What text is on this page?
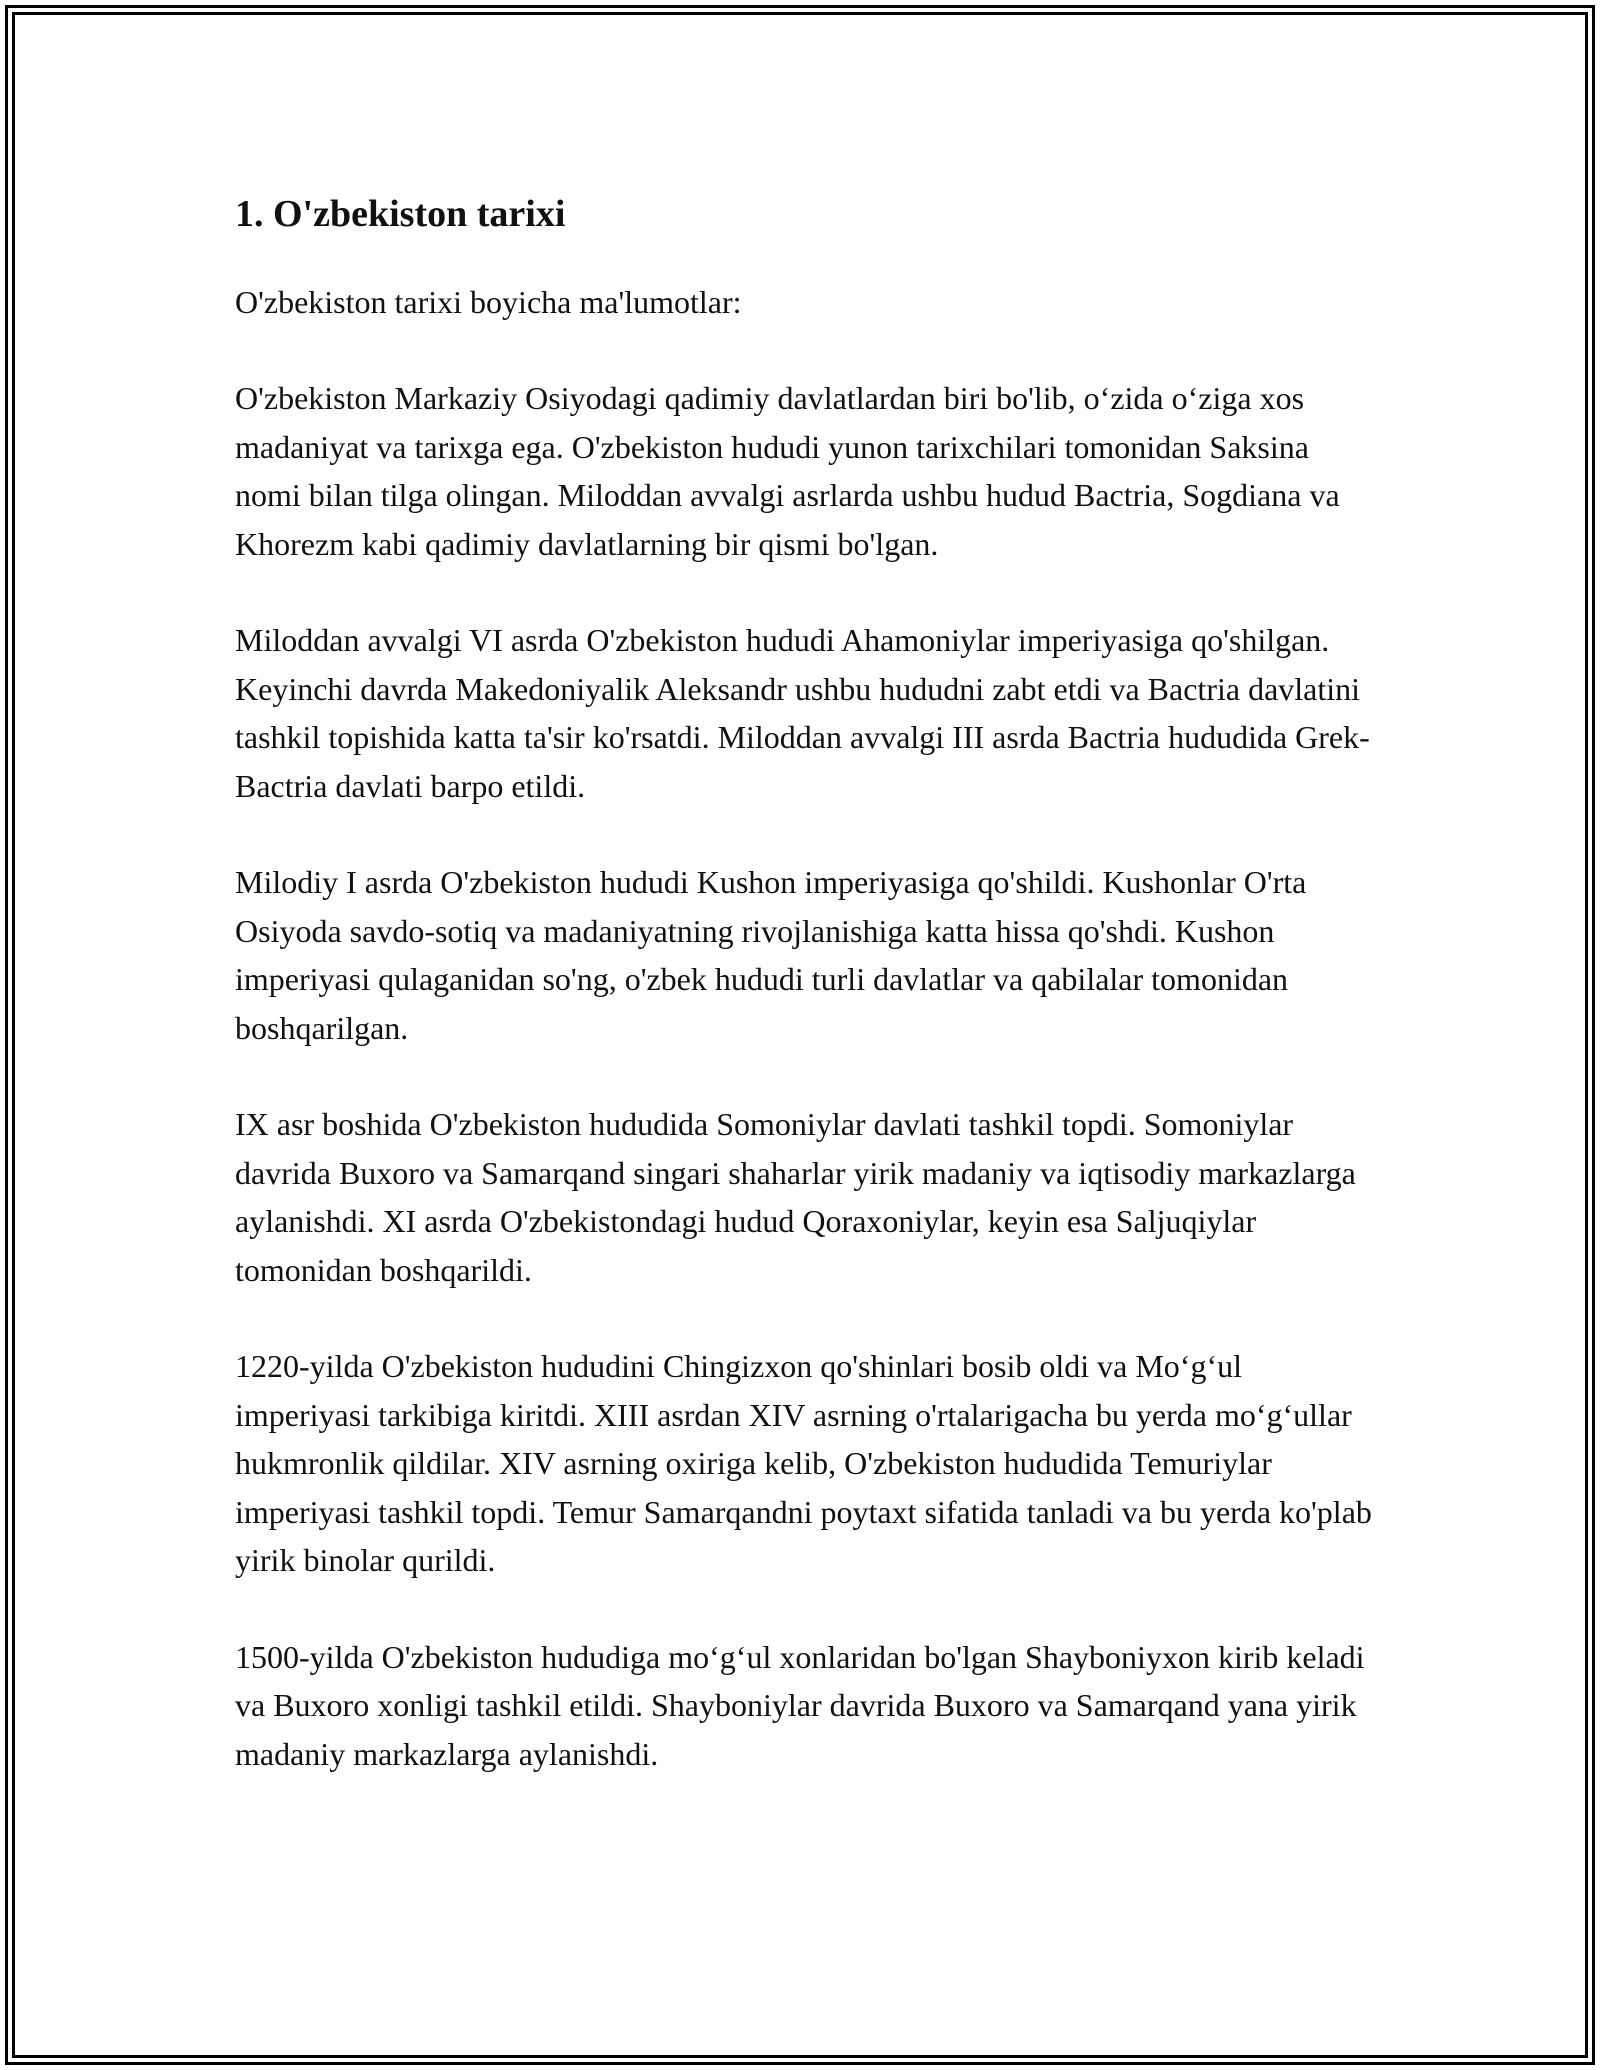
1. O'zbekiston tarixi

O'zbekiston tarixi boyicha ma'lumotlar:

O'zbekiston Markaziy Osiyodagi qadimiy davlatlardan biri bo'lib, o‘zida o‘ziga xos madaniyat va tarixga ega. O'zbekiston hududi yunon tarixchilari tomonidan Saksina nomi bilan tilga olingan. Miloddan avvalgi asrlarda ushbu hudud Bactria, Sogdiana va Khorezm kabi qadimiy davlatlarning bir qismi bo'lgan.

Miloddan avvalgi VI asrda O'zbekiston hududi Ahamoniylar imperiyasiga qo'shilgan. Keyinchi davrda Makedoniyalik Aleksandr ushbu hududni zabt etdi va Bactria davlatini tashkil topishida katta ta'sir ko'rsatdi. Miloddan avvalgi III asrda Bactria hududida Grek-Bactria davlati barpo etildi.

Milodiy I asrda O'zbekiston hududi Kushon imperiyasiga qo'shildi. Kushonlar O'rta Osiyoda savdo-sotiq va madaniyatning rivojlanishiga katta hissa qo'shdi. Kushon imperiyasi qulaganidan so'ng, o'zbek hududi turli davlatlar va qabilalar tomonidan boshqarilgan.

IX asr boshida O'zbekiston hududida Somoniylar davlati tashkil topdi. Somoniylar davrida Buxoro va Samarqand singari shaharlar yirik madaniy va iqtisodiy markazlarga aylanishdi. XI asrda O'zbekistondagi hudud Qoraxoniylar, keyin esa Saljuqiylar tomonidan boshqarildi.

1220-yilda O'zbekiston hududini Chingizxon qo'shinlari bosib oldi va Mo‘g‘ul imperiyasi tarkibiga kiritdi. XIII asrdan XIV asrning o'rtalarigacha bu yerda mo‘g‘ullar hukmronlik qildilar. XIV asrning oxiriga kelib, O'zbekiston hududida Temuriylar imperiyasi tashkil topdi. Temur Samarqandni poytaxt sifatida tanladi va bu yerda ko'plab yirik binolar qurildi.

1500-yilda O'zbekiston hududiga mo‘g‘ul xonlaridan bo'lgan Shayboniyxon kirib keladi va Buxoro xonligi tashkil etildi. Shayboniylar davrida Buxoro va Samarqand yana yirik madaniy markazlarga aylanishdi.
